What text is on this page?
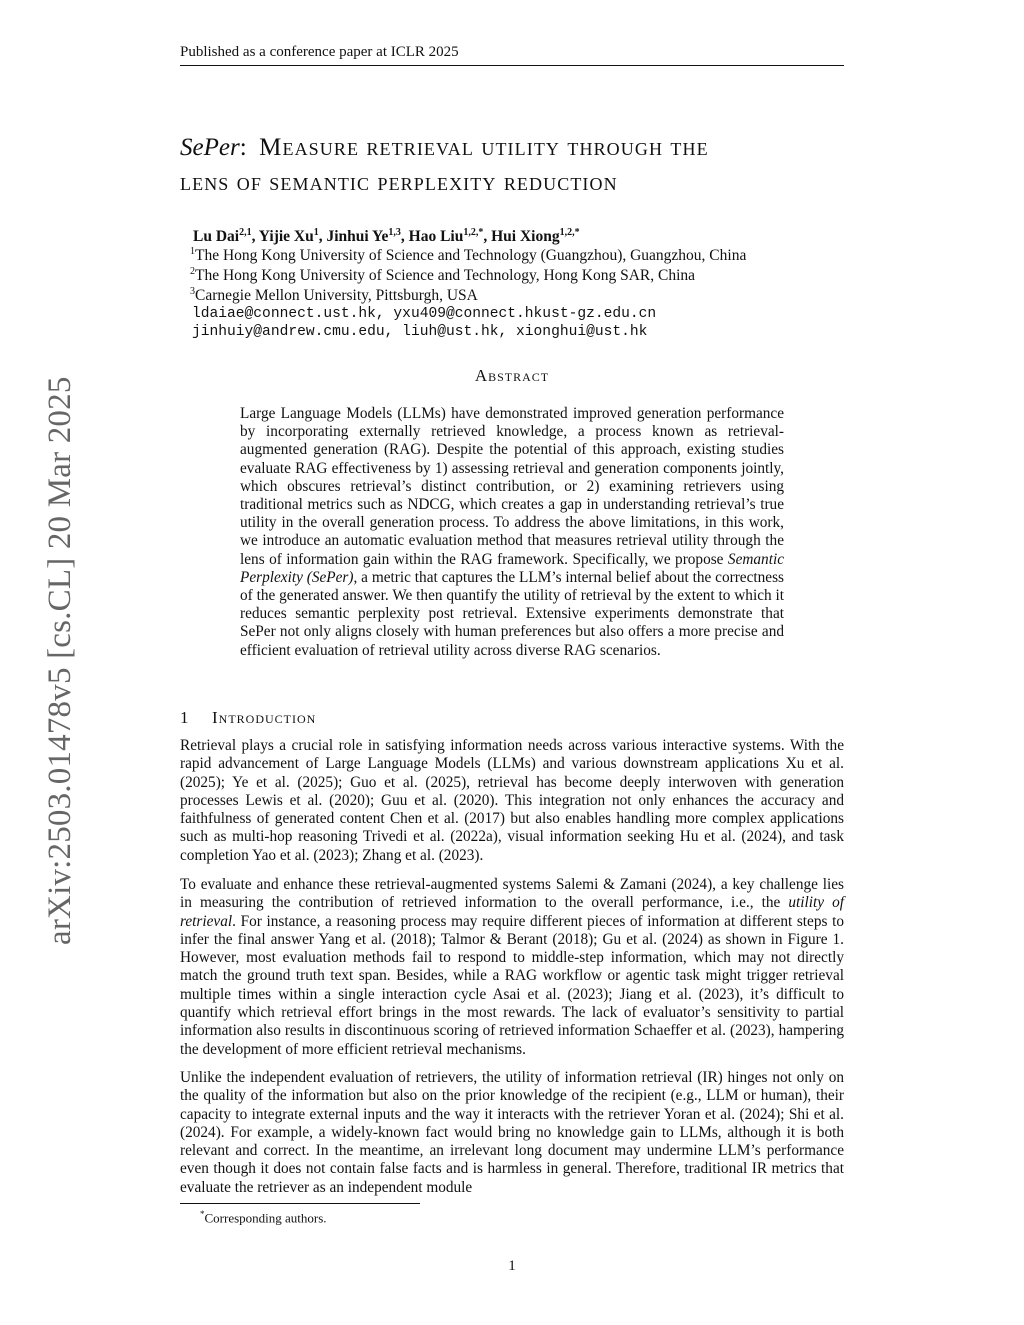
Published as a conference paper at ICLR 2025
arXiv:2503.01478v5 [cs.CL] 20 Mar 2025
SePer: Measure retrieval utility through the
lens of semantic perplexity reduction
Lu Dai$^{2,1}$, Yijie Xu$^1$, Jinhui Ye$^{1,3}$, Hao Liu$^{1,2,*}$, Hui Xiong$^{1,2,*}$
$^1$The Hong Kong University of Science and Technology (Guangzhou), Guangzhou, China
$^2$The Hong Kong University of Science and Technology, Hong Kong SAR, China
$^3$Carnegie Mellon University, Pittsburgh, USA
ldaiae@connect.ust.hk, yxu409@connect.hkust-gz.edu.cn
jinhuiy@andrew.cmu.edu, liuh@ust.hk, xionghui@ust.hk
Abstract

Large Language Models (LLMs) have demonstrated improved generation performance by incorporating externally retrieved knowledge, a process known as retrieval-augmented generation (RAG). Despite the potential of this approach, existing studies evaluate RAG effectiveness by 1) assessing retrieval and generation components jointly, which obscures retrieval’s distinct contribution, or 2) examining retrievers using traditional metrics such as NDCG, which creates a gap in understanding retrieval’s true utility in the overall generation process. To address the above limitations, in this work, we introduce an automatic evaluation method that measures retrieval utility through the lens of information gain within the RAG framework. Specifically, we propose Semantic Perplexity (SePer), a metric that captures the LLM’s internal belief about the correctness of the generated answer. We then quantify the utility of retrieval by the extent to which it reduces semantic perplexity post retrieval. Extensive experiments demonstrate that SePer not only aligns closely with human preferences but also offers a more precise and efficient evaluation of retrieval utility across diverse RAG scenarios.

1 Introduction

Retrieval plays a crucial role in satisfying information needs across various interactive systems. With the rapid advancement of Large Language Models (LLMs) and various downstream applications Xu et al. (2025); Ye et al. (2025); Guo et al. (2025), retrieval has become deeply interwoven with generation processes Lewis et al. (2020); Guu et al. (2020). This integration not only enhances the accuracy and faithfulness of generated content Chen et al. (2017) but also enables handling more complex applications such as multi-hop reasoning Trivedi et al. (2022a), visual information seeking Hu et al. (2024), and task completion Yao et al. (2023); Zhang et al. (2023).

To evaluate and enhance these retrieval-augmented systems Salemi & Zamani (2024), a key challenge lies in measuring the contribution of retrieved information to the overall performance, i.e., the utility of retrieval. For instance, a reasoning process may require different pieces of information at different steps to infer the final answer Yang et al. (2018); Talmor & Berant (2018); Gu et al. (2024) as shown in Figure 1. However, most evaluation methods fail to respond to middle-step information, which may not directly match the ground truth text span. Besides, while a RAG workflow or agentic task might trigger retrieval multiple times within a single interaction cycle Asai et al. (2023); Jiang et al. (2023), it’s difficult to quantify which retrieval effort brings in the most rewards. The lack of evaluator’s sensitivity to partial information also results in discontinuous scoring of retrieved information Schaeffer et al. (2023), hampering the development of more efficient retrieval mechanisms.

Unlike the independent evaluation of retrievers, the utility of information retrieval (IR) hinges not only on the quality of the information but also on the prior knowledge of the recipient (e.g., LLM or human), their capacity to integrate external inputs and the way it interacts with the retriever Yoran et al. (2024); Shi et al. (2024). For example, a widely-known fact would bring no knowledge gain to LLMs, although it is both relevant and correct. In the meantime, an irrelevant long document may undermine LLM’s performance even though it does not contain false facts and is harmless in general. Therefore, traditional IR metrics that evaluate the retriever as an independent module

*Corresponding authors.
1
